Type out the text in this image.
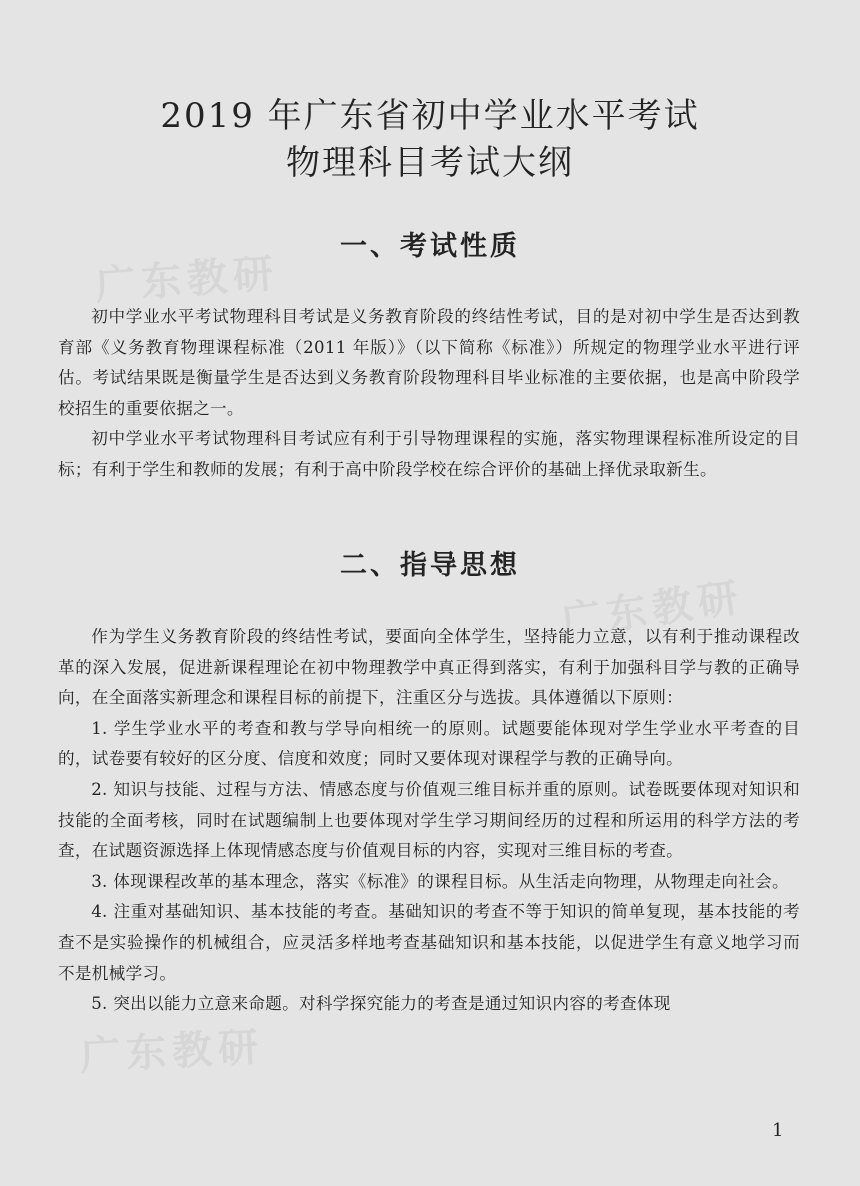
广东教研
广东教研
广东教研
2019 年广东省初中学业水平考试
物理科目考试大纲
一、考试性质

初中学业水平考试物理科目考试是义务教育阶段的终结性考试，目的是对初中学生是否达到教育部《义务教育物理课程标准（2011 年版）》（以下简称《标准》）所规定的物理学业水平进行评估。考试结果既是衡量学生是否达到义务教育阶段物理科目毕业标准的主要依据，也是高中阶段学校招生的重要依据之一。

初中学业水平考试物理科目考试应有利于引导物理课程的实施，落实物理课程标准所设定的目标；有利于学生和教师的发展；有利于高中阶段学校在综合评价的基础上择优录取新生。

二、指导思想

作为学生义务教育阶段的终结性考试，要面向全体学生，坚持能力立意，以有利于推动课程改革的深入发展，促进新课程理论在初中物理教学中真正得到落实，有利于加强科目学与教的正确导向，在全面落实新理念和课程目标的前提下，注重区分与选拔。具体遵循以下原则：

1. 学生学业水平的考查和教与学导向相统一的原则。试题要能体现对学生学业水平考查的目的，试卷要有较好的区分度、信度和效度；同时又要体现对课程学与教的正确导向。

2. 知识与技能、过程与方法、情感态度与价值观三维目标并重的原则。试卷既要体现对知识和技能的全面考核，同时在试题编制上也要体现对学生学习期间经历的过程和所运用的科学方法的考查，在试题资源选择上体现情感态度与价值观目标的内容，实现对三维目标的考查。

3. 体现课程改革的基本理念，落实《标准》的课程目标。从生活走向物理，从物理走向社会。

4. 注重对基础知识、基本技能的考查。基础知识的考查不等于知识的简单复现，基本技能的考查不是实验操作的机械组合，应灵活多样地考查基础知识和基本技能，以促进学生有意义地学习而不是机械学习。

5. 突出以能力立意来命题。对科学探究能力的考查是通过知识内容的考查体现

1
